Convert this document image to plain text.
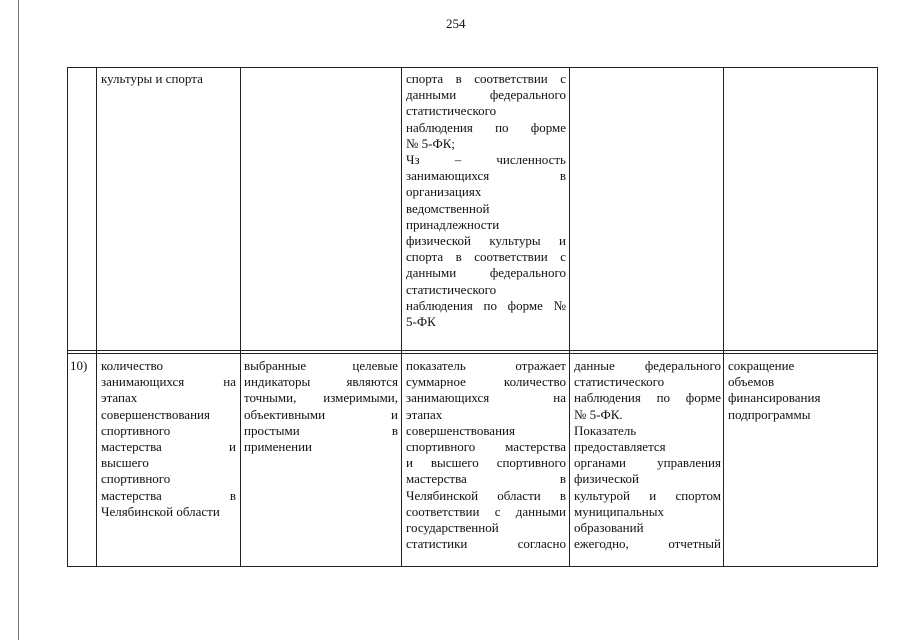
254
культуры и спорта	спорта в соответствии с
данными федерального
статистического
наблюдения по форме
№ 5-ФК;
Чз – численность
занимающихся в
организациях
ведомственной
принадлежности
физической культуры и
спорта в соответствии с
данными федерального
статистического
наблюдения по форме №
5-ФК
10)	количество
занимающихся на
этапах
совершенствования
спортивного
мастерства и
высшего
спортивного
мастерства в
Челябинской области
выбранные целевые
индикаторы являются
точными, измеримыми,
объективными и
простыми в
применении
показатель отражает
суммарное количество
занимающихся на
этапах
совершенствования
спортивного мастерства
и высшего спортивного
мастерства в
Челябинской области в
соответствии с данными
государственной
статистики согласно
данные федерального
статистического
наблюдения по форме
№ 5-ФК.
Показатель
предоставляется
органами управления
физической
культурой и спортом
муниципальных
образований
ежегодно, отчетный
сокращение
объемов
финансирования
подпрограммы
